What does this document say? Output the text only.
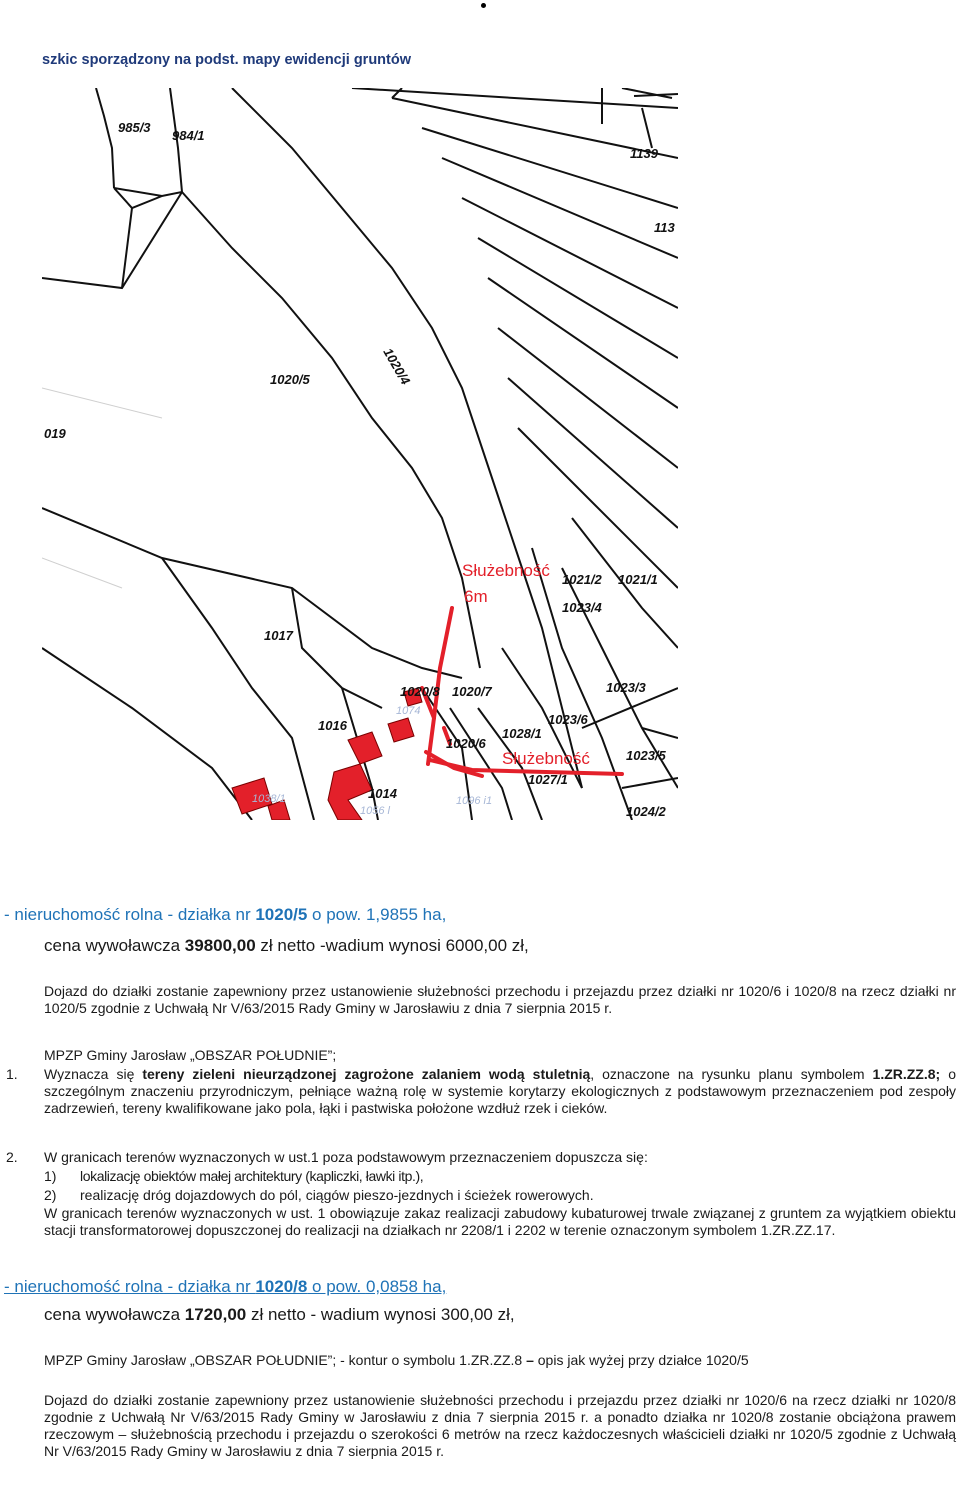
szkic sporządzony na podst. mapy ewidencji gruntów
985/3
984/1
1139
113
1020/4
1020/5
019
1017
1021/2 1021/1
1023/4
1023/3
1020/8 1020/7
1016
1028/1
1023/6
1020/6
1023/5
1027/1
1014
1024/2
1074
1056 l
1038/1	1096 i1
Służebność
6m
Służebność
- nieruchomość rolna - działka nr 1020/5 o pow. 1,9855 ha,
cena wywoławcza 39800,00 zł netto -wadium wynosi 6000,00 zł,
Dojazd do działki zostanie zapewniony przez ustanowienie służebności przechodu i przejazdu przez działki nr 1020/6 i 1020/8 na rzecz działki nr 1020/5 zgodnie z Uchwałą Nr V/63/2015 Rady Gminy w Jarosławiu z dnia 7 sierpnia 2015 r.
MPZP Gminy Jarosław „OBSZAR POŁUDNIE”;
1. Wyznacza się tereny zieleni nieurządzonej zagrożone zalaniem wodą stuletnią, oznaczone na rysunku planu symbolem 1.ZR.ZZ.8; o szczególnym znaczeniu przyrodniczym, pełniące ważną rolę w systemie korytarzy ekologicznych z podstawowym przeznaczeniem pod zespoły zadrzewień, tereny kwalifikowane jako pola, łąki i pastwiska położone wzdłuż rzek i cieków.
2. W granicach terenów wyznaczonych w ust.1 poza podstawowym przeznaczeniem dopuszcza się:
1) lokalizację obiektów małej architektury (kapliczki, ławki itp.),
2) realizację dróg dojazdowych do pól, ciągów pieszo-jezdnych i ścieżek rowerowych.
W granicach terenów wyznaczonych w ust. 1 obowiązuje zakaz realizacji zabudowy kubaturowej trwale związanej z gruntem za wyjątkiem obiektu stacji transformatorowej dopuszczonej do realizacji na działkach nr 2208/1 i 2202 w terenie oznaczonym symbolem 1.ZR.ZZ.17.
- nieruchomość rolna - działka nr 1020/8 o pow. 0,0858 ha,
cena wywoławcza 1720,00 zł netto - wadium wynosi 300,00 zł,
MPZP Gminy Jarosław „OBSZAR POŁUDNIE”; - kontur o symbolu 1.ZR.ZZ.8 – opis jak wyżej przy działce 1020/5
Dojazd do działki zostanie zapewniony przez ustanowienie służebności przechodu i przejazdu przez działki nr 1020/6 na rzecz działki nr 1020/8 zgodnie z Uchwałą Nr V/63/2015 Rady Gminy w Jarosławiu z dnia 7 sierpnia 2015 r. a ponadto działka nr 1020/8 zostanie obciążona prawem rzeczowym – służebnością przechodu i przejazdu o szerokości 6 metrów na rzecz każdoczesnych właścicieli działki nr 1020/5 zgodnie z Uchwałą Nr V/63/2015 Rady Gminy w Jarosławiu z dnia 7 sierpnia 2015 r.
